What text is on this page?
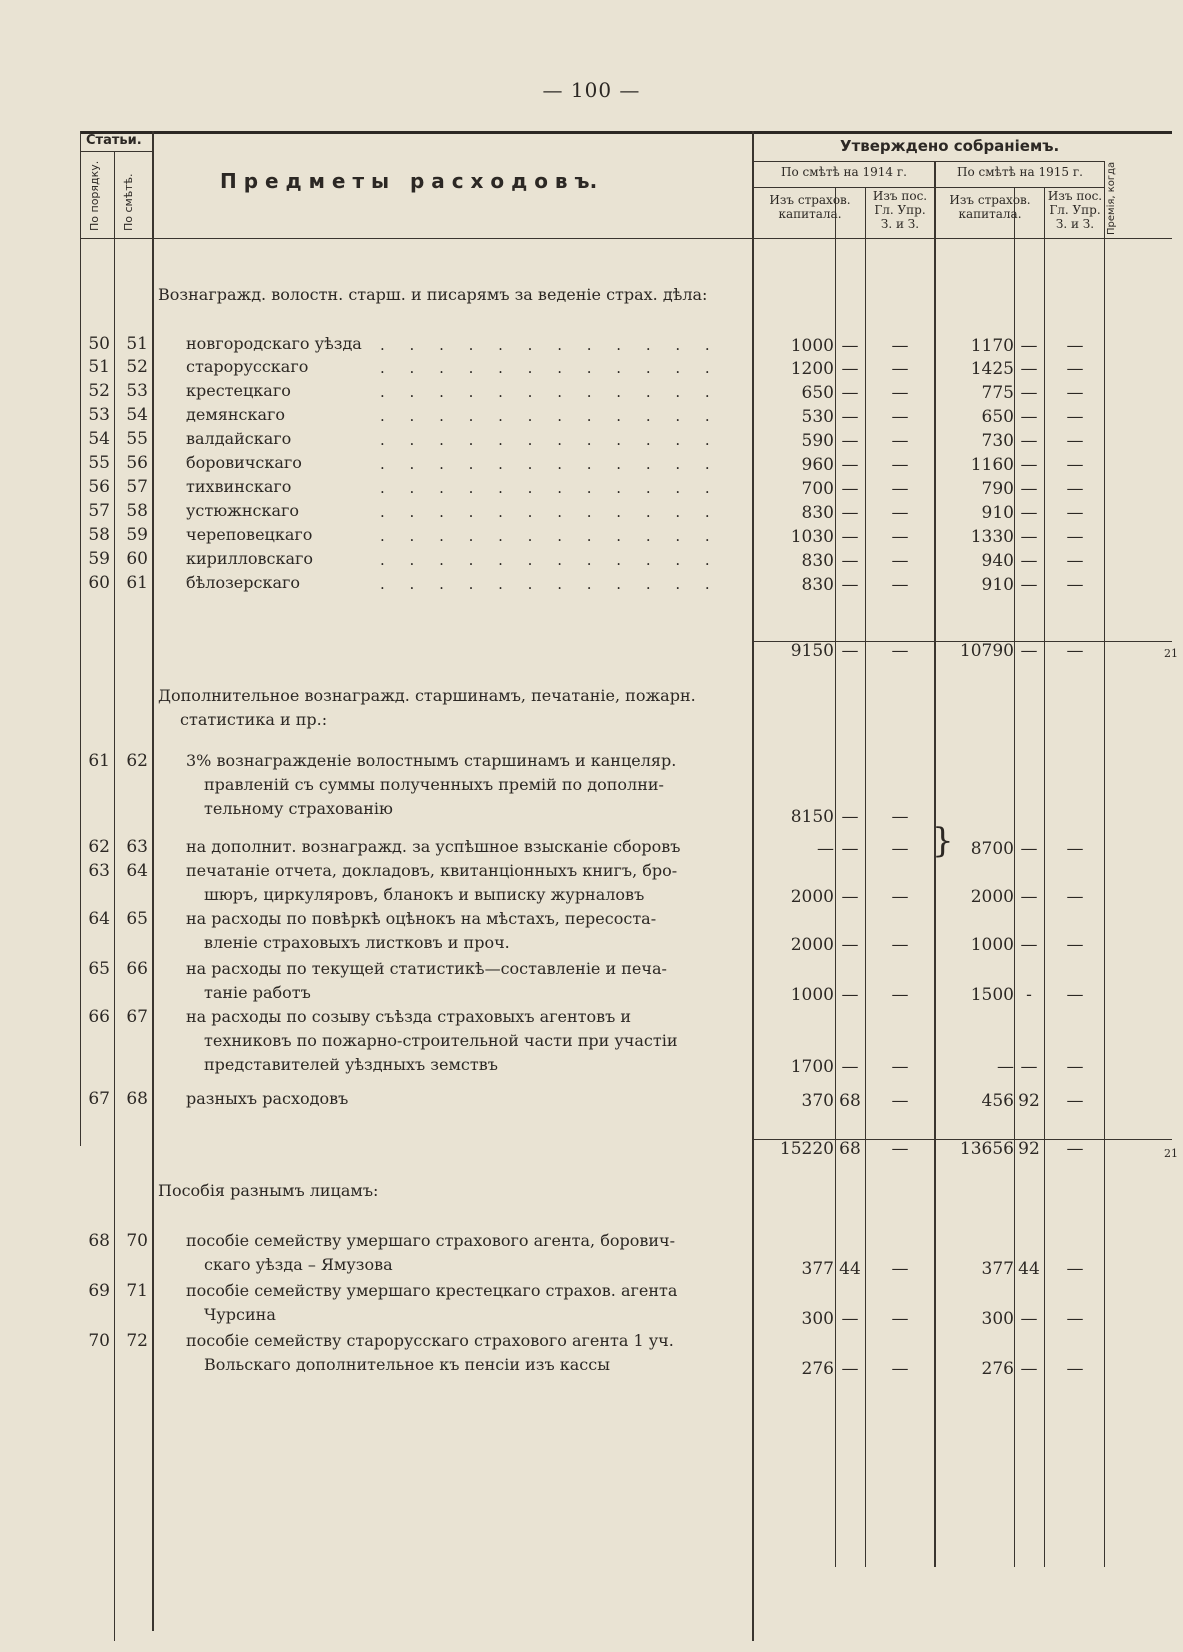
— 100 —
Статьи.
По порядку. По смѣтѣ.	П р е д м е т ы   р а с х о д о в ъ.
Утверждено собраніемъ.
По смѣтѣ на 1914 г.	По смѣтѣ на 1915 г.
Изъ страхов. капитала.
Изъ пос. Гл. Упр. З. и З.
Изъ страхов. капитала.
Изъ пос. Гл. Упр. З. и З.	Премія, когда
Вознагражд. волостн. старш. и писарямъ за веденіе страх. дѣла:
Дополнительное вознагражд. старшинамъ, печатаніе, пожарн.
статистика и пр.:
Пособія разнымъ лицамъ:
50 51 новгородскаго уѣзда . . . . . . . . . . . .	1000 —	—	1170 —	—
51 52 старорусскаго	. . . . . . . . . . . .	1200 —	—	1425 —	—
52 53 крестецкаго	. . . . . . . . . . . .	650 —	—	775 —	—
53 54 демянскаго	. . . . . . . . . . . .	530 —	—	650 —	—
54 55 валдайскаго	. . . . . . . . . . . .	590 —	—	730 —	—
55 56 боровичскаго	. . . . . . . . . . . .	960 —	—	1160 —	—
56 57 тихвинскаго	. . . . . . . . . . . .	700 —	—	790 —	—
57 58 устюжнскаго	. . . . . . . . . . . .	830 —	—	910 —	—
58 59 череповецкаго	. . . . . . . . . . . .	1030 —	—	1330 —	—
59 60 кирилловскаго	. . . . . . . . . . . .	830 —	—	940 —	—
60 61 бѣлозерскаго	. . . . . . . . . . . .	830 —	—	910 —	—
9150 —	—	10790 —	—	21
61 62 3% вознагражденіе волостнымъ старшинамъ и канцеляр.
правленій съ суммы полученныхъ премій по дополни-
тельному страхованію	8150 —	—
62 63 на дополнит. вознагражд. за успѣшное взысканіе сборовъ	— —	—	8700 —	—
63 64 печатаніе отчета, докладовъ, квитанціонныхъ книгъ, бро-
шюръ, циркуляровъ, бланокъ и выписку журналовъ	2000 —	—	2000 —	—
64 65 на расходы по повѣркѣ оцѣнокъ на мѣстахъ, пересоста-
вленіе страховыхъ листковъ и проч.	2000 —	—	1000 —	—
65 66 на расходы по текущей статистикѣ—составленіе и печа-
таніе работъ	1000 —	—	1500 -	—
66 67 на расходы по созыву съѣзда страховыхъ агентовъ и
техниковъ по пожарно-строительной части при участіи
представителей уѣздныхъ земствъ	1700 —	—	— —	—
67 68 разныхъ расходовъ	370 68	—	456 92	—
15220 68	—	13656 92	—	21
68 70 пособіе семейству умершаго страхового агента, борович-
скаго уѣзда – Ямузова	377 44	—	377 44	—
69 71 пособіе семейству умершаго крестецкаго страхов. агента
Чурсина	300 —	—	300 —	—
70 72 пособіе семейству старорусскаго страхового агента 1 уч.
Вольскаго дополнительное къ пенсіи изъ кассы	276 —	—	276 —	—
}
